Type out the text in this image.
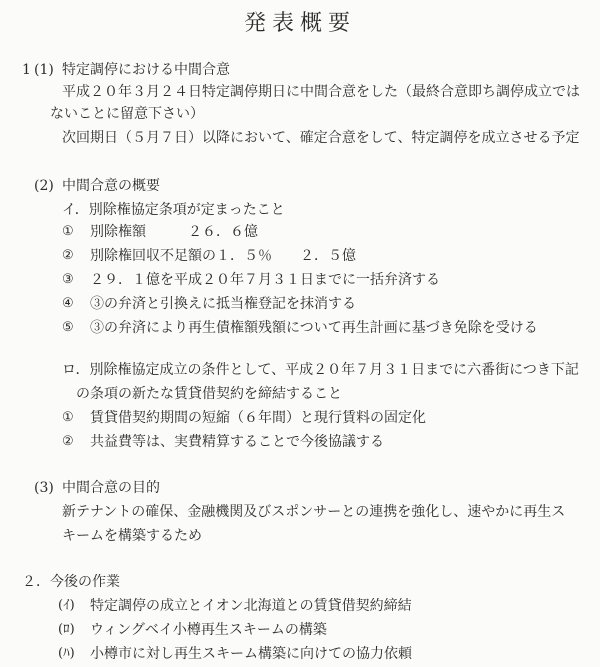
発表概要
1 (1) 特定調停における中間合意
平成２０年３月２４日特定調停期日に中間合意をした（最終合意即ち調停成立では
ないことに留意下さい）
次回期日（５月７日）以降において、確定合意をして、特定調停を成立させる予定
(2) 中間合意の概要
イ．別除権協定条項が定まったこと
① 別除権額　　　２６．６億
② 別除権回収不足額の１．５％　　２．５億
③ ２９．１億を平成２０年７月３１日までに一括弁済する
④ ③の弁済と引換えに抵当権登記を抹消する
⑤ ③の弁済により再生債権額残額について再生計画に基づき免除を受ける
ロ．別除権協定成立の条件として、平成２０年７月３１日までに六番街につき下記
の条項の新たな賃貸借契約を締結すること
① 賃貸借契約期間の短縮（６年間）と現行賃料の固定化
② 共益費等は、実費精算することで今後協議する
(3) 中間合意の目的
新テナントの確保、金融機関及びスポンサーとの連携を強化し、速やかに再生ス
キームを構築するため
２．今後の作業
(ｲ) 特定調停の成立とイオン北海道との賃貸借契約締結
(ﾛ) ウィングベイ小樽再生スキームの構築
(ﾊ) 小樽市に対し再生スキーム構築に向けての協力依頼
